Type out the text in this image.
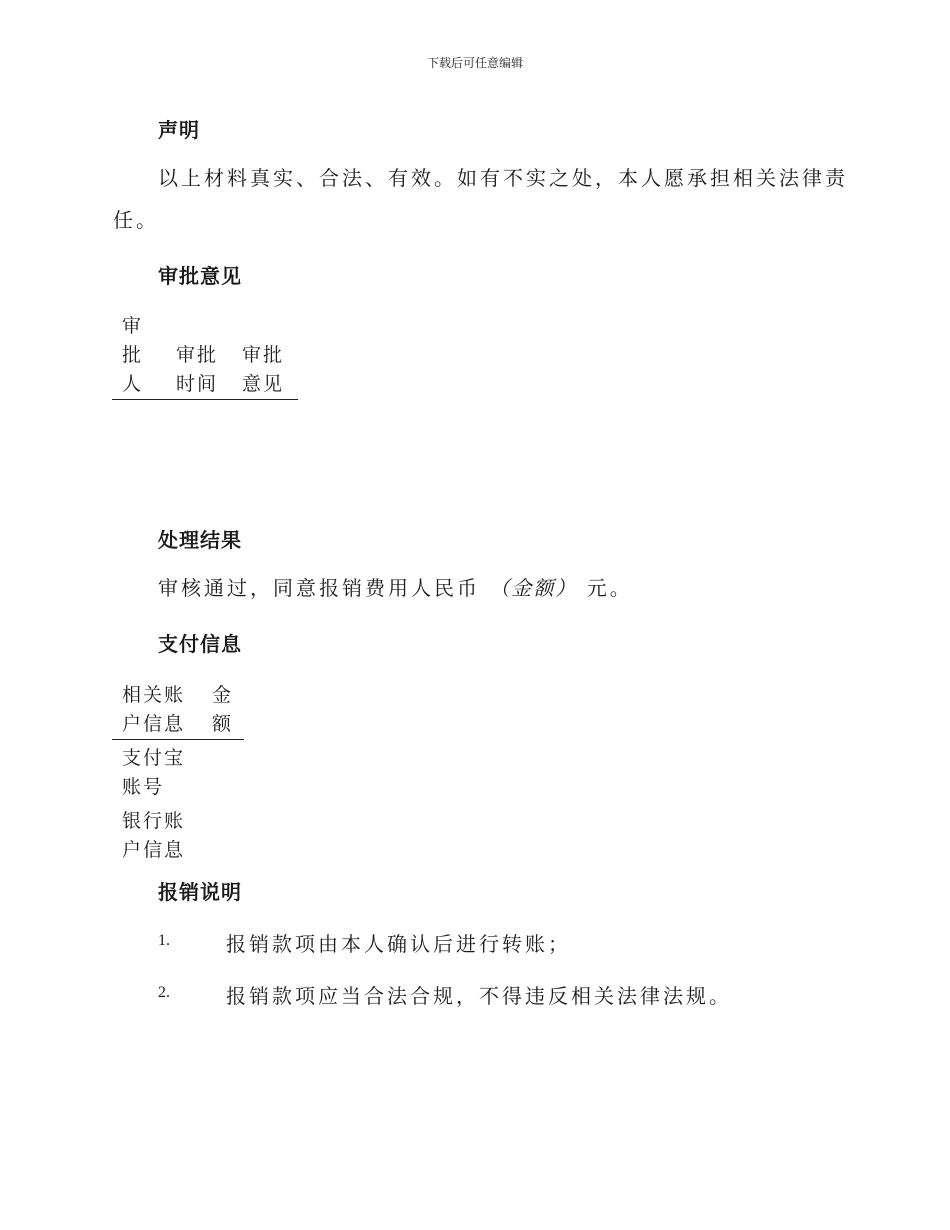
下载后可任意编辑
声明
以上材料真实、合法、有效。如有不实之处，本人愿承担相关法律责
任。
审批意见
审
批
人
审批
时间
审批
意见
处理结果
审核通过，同意报销费用人民币 （金额） 元。
支付信息
相关账
户信息
金
额
支付宝
账号
银行账
户信息
报销说明
1.	报销款项由本人确认后进行转账；
2.	报销款项应当合法合规，不得违反相关法律法规。
